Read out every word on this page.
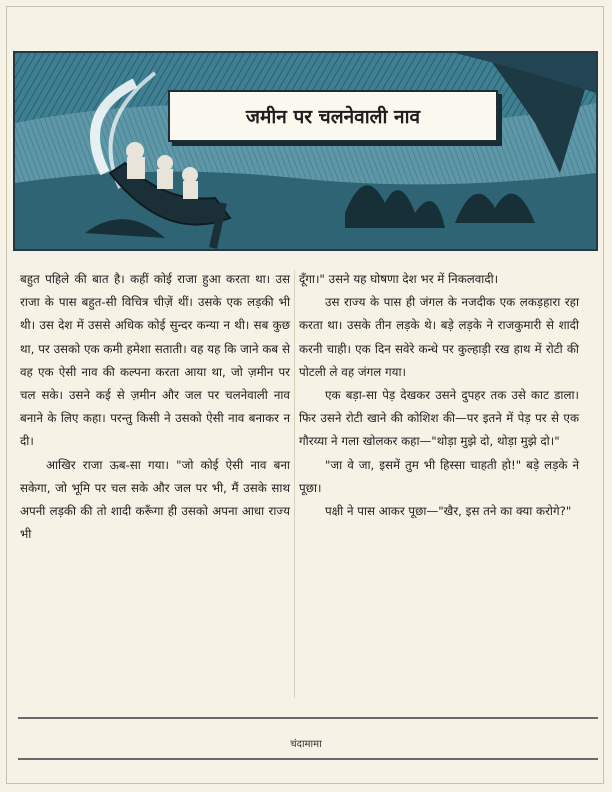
जमीन पर चलनेवाली नाव

बहुत पहिले की बात है। कहीं कोई राजा हुआ करता था। उस राजा के पास बहुत-सी विचित्र चीज़ें थीं। उसके एक लड़की भी थी। उस देश में उससे अधिक कोई सुन्दर कन्या न थी। सब कुछ था, पर उसको एक कमी हमेशा सताती। वह यह कि जाने कब से वह एक ऐसी नाव की कल्पना करता आया था, जो ज़मीन पर चल सके। उसने कई से ज़मीन और जल पर चलनेवाली नाव बनाने के लिए कहा। परन्तु किसी ने उसको ऐसी नाव बनाकर न दी।

आखिर राजा ऊब-सा गया। "जो कोई ऐसी नाव बना सकेगा, जो भूमि पर चल सके और जल पर भी, मैं उसके साथ अपनी लड़की की तो शादी करूँगा ही उसको अपना आधा राज्य भी

दूँगा।" उसने यह घोषणा देश भर में निकलवादी।

उस राज्य के पास ही जंगल के नजदीक एक लकड़हारा रहा करता था। उसके तीन लड़के थे। बड़े लड़के ने राजकुमारी से शादी करनी चाही। एक दिन सवेरे कन्धे पर कुल्हाड़ी रख हाथ में रोटी की पोटली ले वह जंगल गया।

एक बड़ा-सा पेड़ देखकर उसने दुपहर तक उसे काट डाला। फिर उसने रोटी खाने की कोशिश की—पर इतने में पेड़ पर से एक गौरय्या ने गला खोलकर कहा—"थोड़ा मुझे दो, थोड़ा मुझे दो।"

"जा वे जा, इसमें तुम भी हिस्सा चाहती हो!" बड़े लड़के ने पूछा।

पक्षी ने पास आकर पूछा—"खैर, इस तने का क्या करोगे?"

चंदामामा
